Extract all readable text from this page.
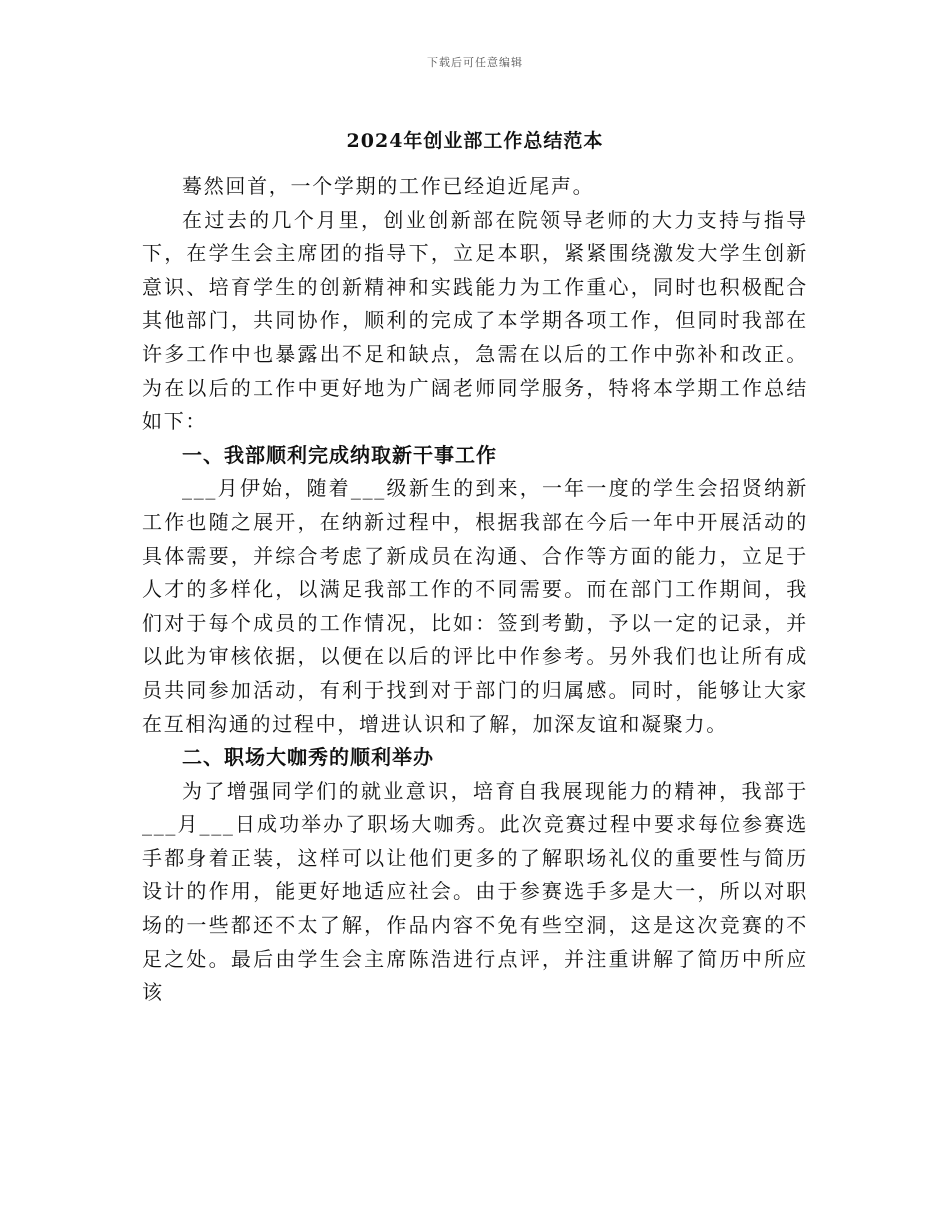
下载后可任意编辑
2024年创业部工作总结范本

蓦然回首，一个学期的工作已经迫近尾声。

在过去的几个月里，创业创新部在院领导老师的大力支持与指导下，在学生会主席团的指导下，立足本职，紧紧围绕激发大学生创新意识、培育学生的创新精神和实践能力为工作重心，同时也积极配合其他部门，共同协作，顺利的完成了本学期各项工作，但同时我部在许多工作中也暴露出不足和缺点，急需在以后的工作中弥补和改正。为在以后的工作中更好地为广阔老师同学服务，特将本学期工作总结如下：

一、我部顺利完成纳取新干事工作

___月伊始，随着___级新生的到来，一年一度的学生会招贤纳新工作也随之展开，在纳新过程中，根据我部在今后一年中开展活动的具体需要，并综合考虑了新成员在沟通、合作等方面的能力，立足于人才的多样化，以满足我部工作的不同需要。而在部门工作期间，我们对于每个成员的工作情况，比如：签到考勤，予以一定的记录，并以此为审核依据，以便在以后的评比中作参考。另外我们也让所有成员共同参加活动，有利于找到对于部门的归属感。同时，能够让大家在互相沟通的过程中，增进认识和了解，加深友谊和凝聚力。

二、职场大咖秀的顺利举办

为了增强同学们的就业意识，培育自我展现能力的精神，我部于___月___日成功举办了职场大咖秀。此次竞赛过程中要求每位参赛选手都身着正装，这样可以让他们更多的了解职场礼仪的重要性与简历设计的作用，能更好地适应社会。由于参赛选手多是大一，所以对职场的一些都还不太了解，作品内容不免有些空洞，这是这次竞赛的不足之处。最后由学生会主席陈浩进行点评，并注重讲解了简历中所应该
